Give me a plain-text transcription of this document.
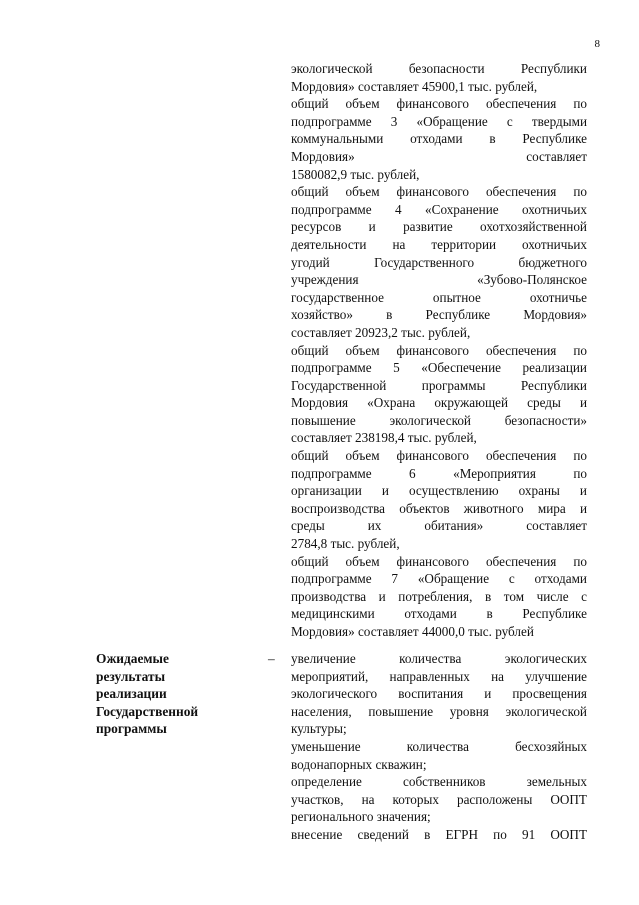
8
экологической безопасности Республики
Мордовия» составляет 45900,1 тыс. рублей,
общий объем финансового обеспечения по
подпрограмме 3 «Обращение с твердыми
коммунальными отходами в Республике
Мордовия» составляет
1580082,9 тыс. рублей,
общий объем финансового обеспечения по
подпрограмме 4 «Сохранение охотничьих
ресурсов и развитие охотхозяйственной
деятельности на территории охотничьих
угодий Государственного бюджетного
учреждения «Зубово-Полянское
государственное опытное охотничье
хозяйство» в Республике Мордовия»
составляет 20923,2 тыс. рублей,
общий объем финансового обеспечения по
подпрограмме 5 «Обеспечение реализации
Государственной программы Республики
Мордовия «Охрана окружающей среды и
повышение экологической безопасности»
составляет 238198,4 тыс. рублей,
общий объем финансового обеспечения по
подпрограмме 6 «Мероприятия по
организации и осуществлению охраны и
воспроизводства объектов животного мира и
среды их обитания» составляет
2784,8 тыс. рублей,
общий объем финансового обеспечения по
подпрограмме 7 «Обращение с отходами
производства и потребления, в том числе с
медицинскими отходами в Республике
Мордовия» составляет 44000,0 тыс. рублей
Ожидаемые
результаты
реализации
Государственной
программы
– увеличение количества экологических
мероприятий, направленных на улучшение
экологического воспитания и просвещения
населения, повышение уровня экологической
культуры;
уменьшение количества бесхозяйных
водонапорных скважин;
определение собственников земельных
участков, на которых расположены ООПТ
регионального значения;
внесение сведений в ЕГРН по 91 ООПТ
